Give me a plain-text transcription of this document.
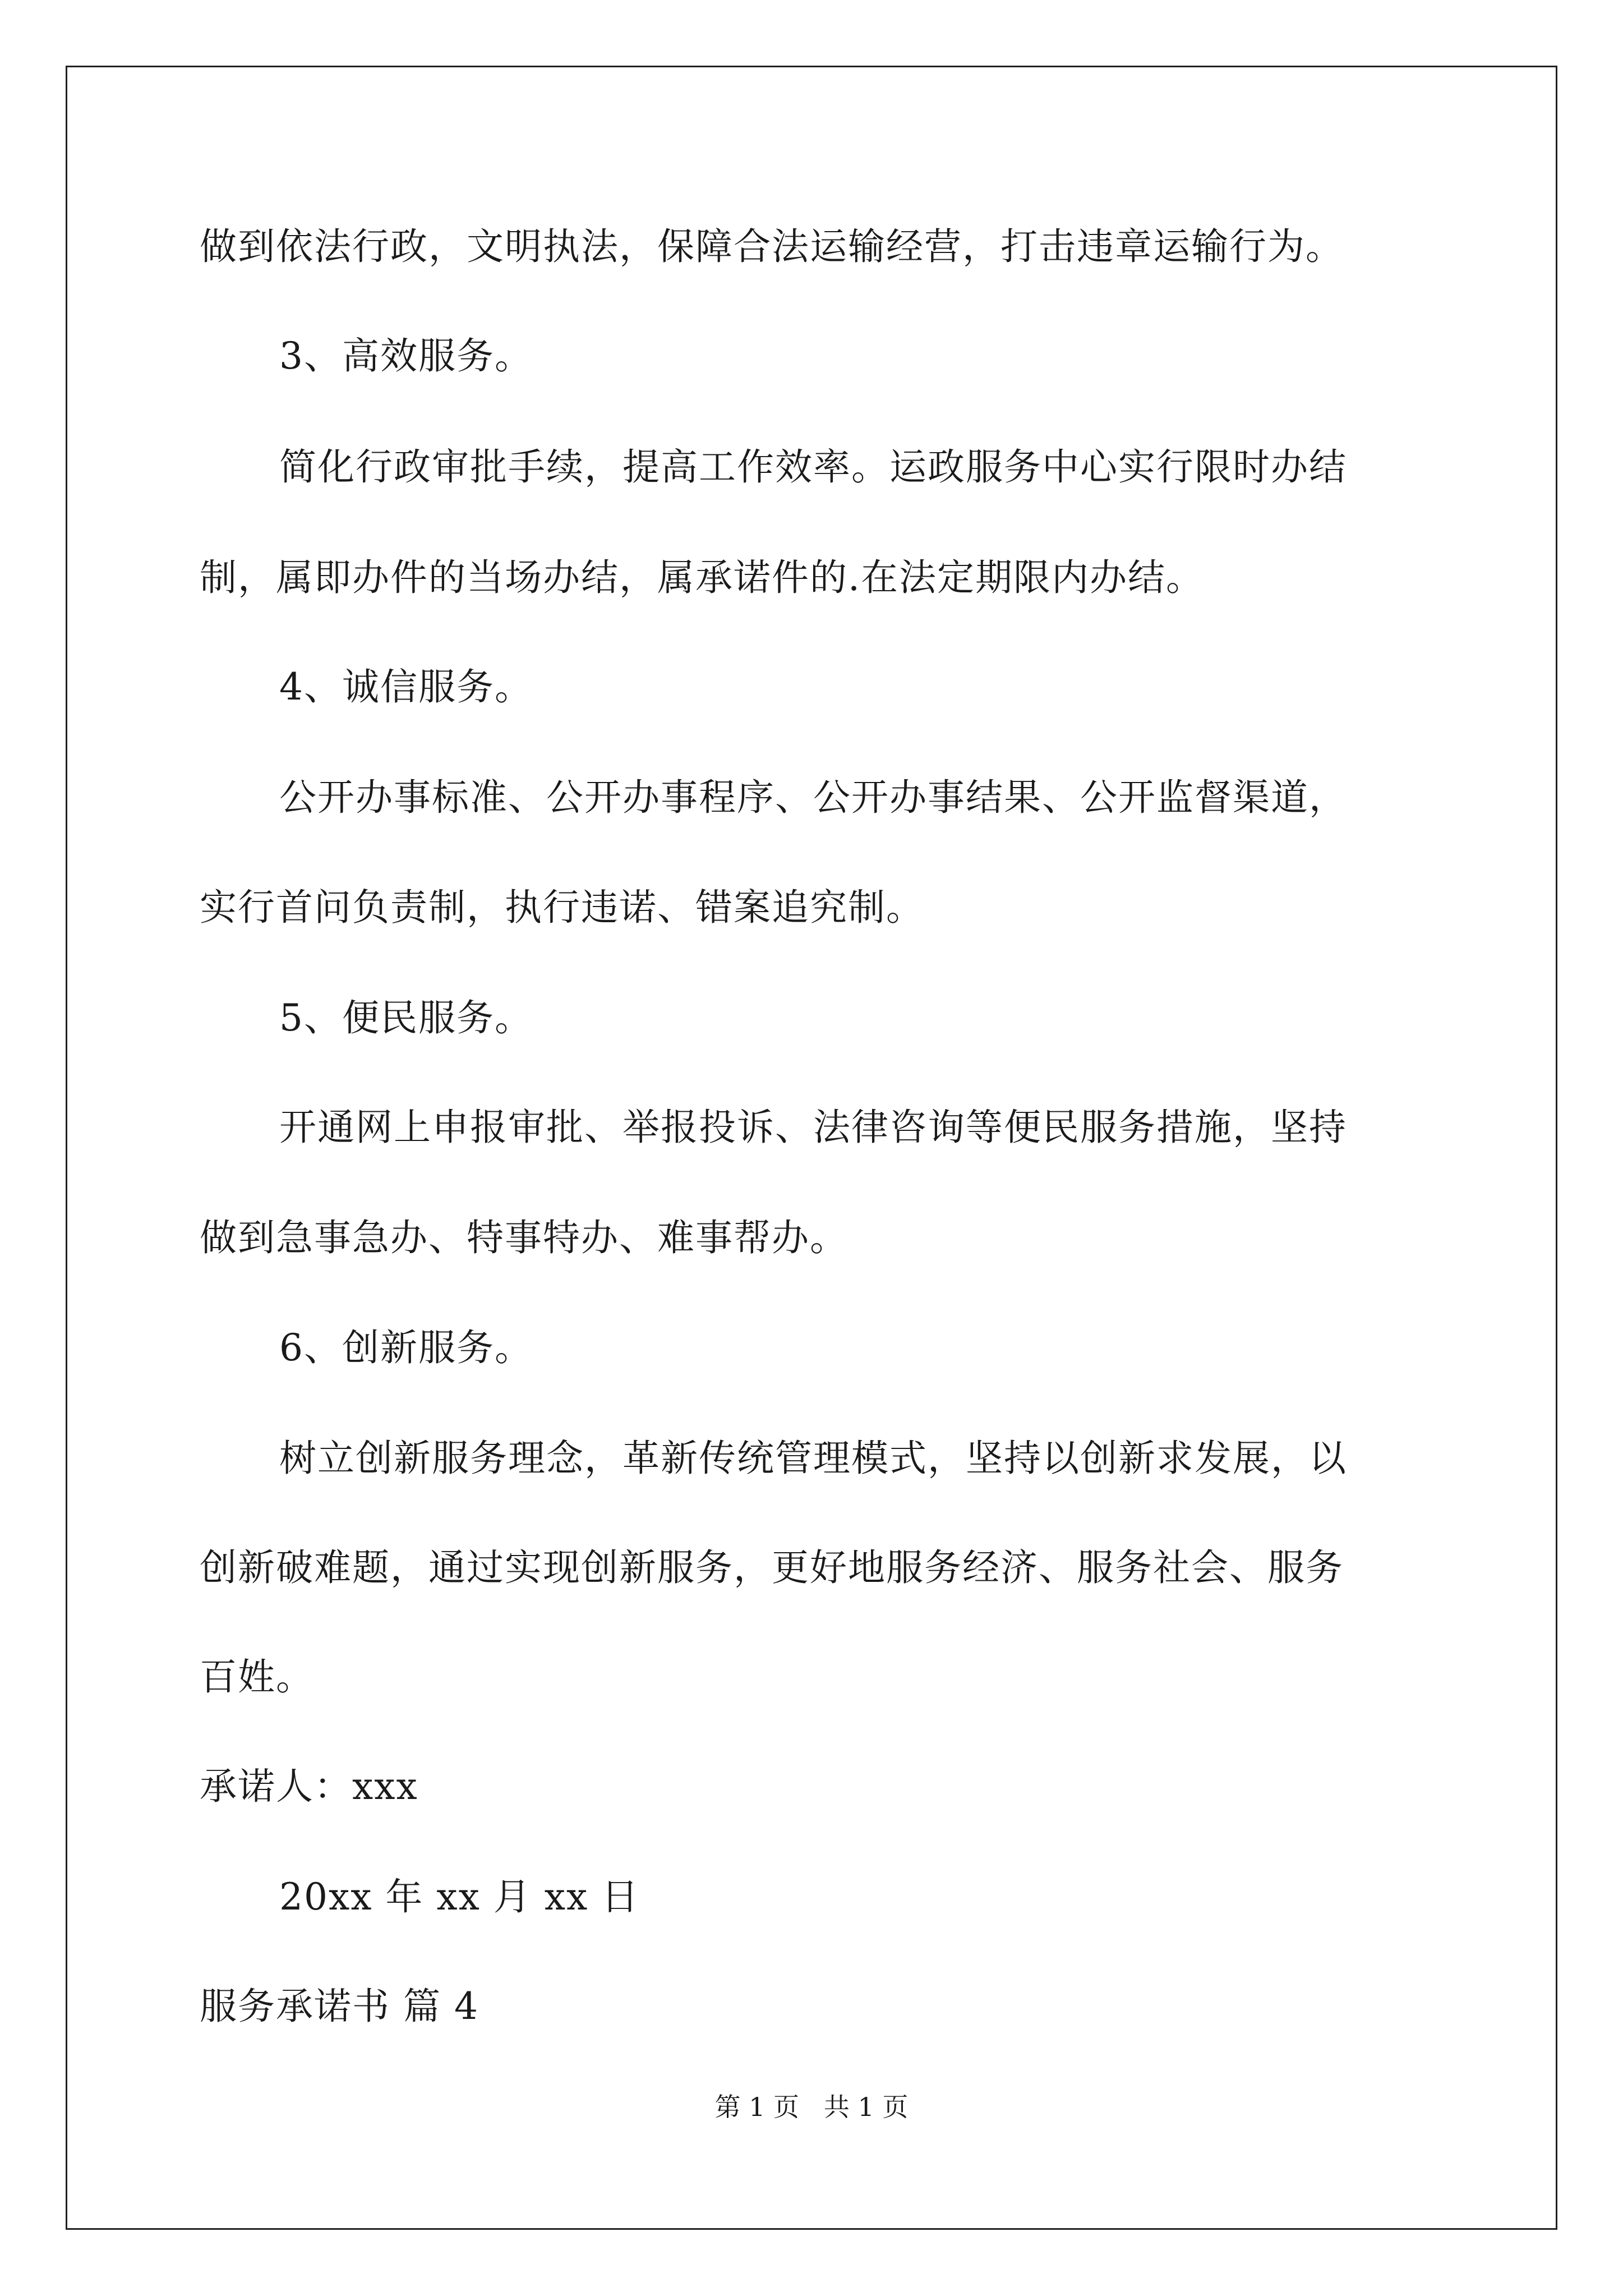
做到依法行政，文明执法，保障合法运输经营，打击违章运输行为。
3、高效服务。
简化行政审批手续，提高工作效率。运政服务中心实行限时办结
制，属即办件的当场办结，属承诺件的.在法定期限内办结。
4、诚信服务。
公开办事标准、公开办事程序、公开办事结果、公开监督渠道，
实行首问负责制，执行违诺、错案追究制。
5、便民服务。
开通网上申报审批、举报投诉、法律咨询等便民服务措施，坚持
做到急事急办、特事特办、难事帮办。
6、创新服务。
树立创新服务理念，革新传统管理模式，坚持以创新求发展，以
创新破难题，通过实现创新服务，更好地服务经济、服务社会、服务
百姓。
承诺人：xxx
20xx 年 xx 月 xx 日
服务承诺书 篇 4
第 1 页   共 1 页
